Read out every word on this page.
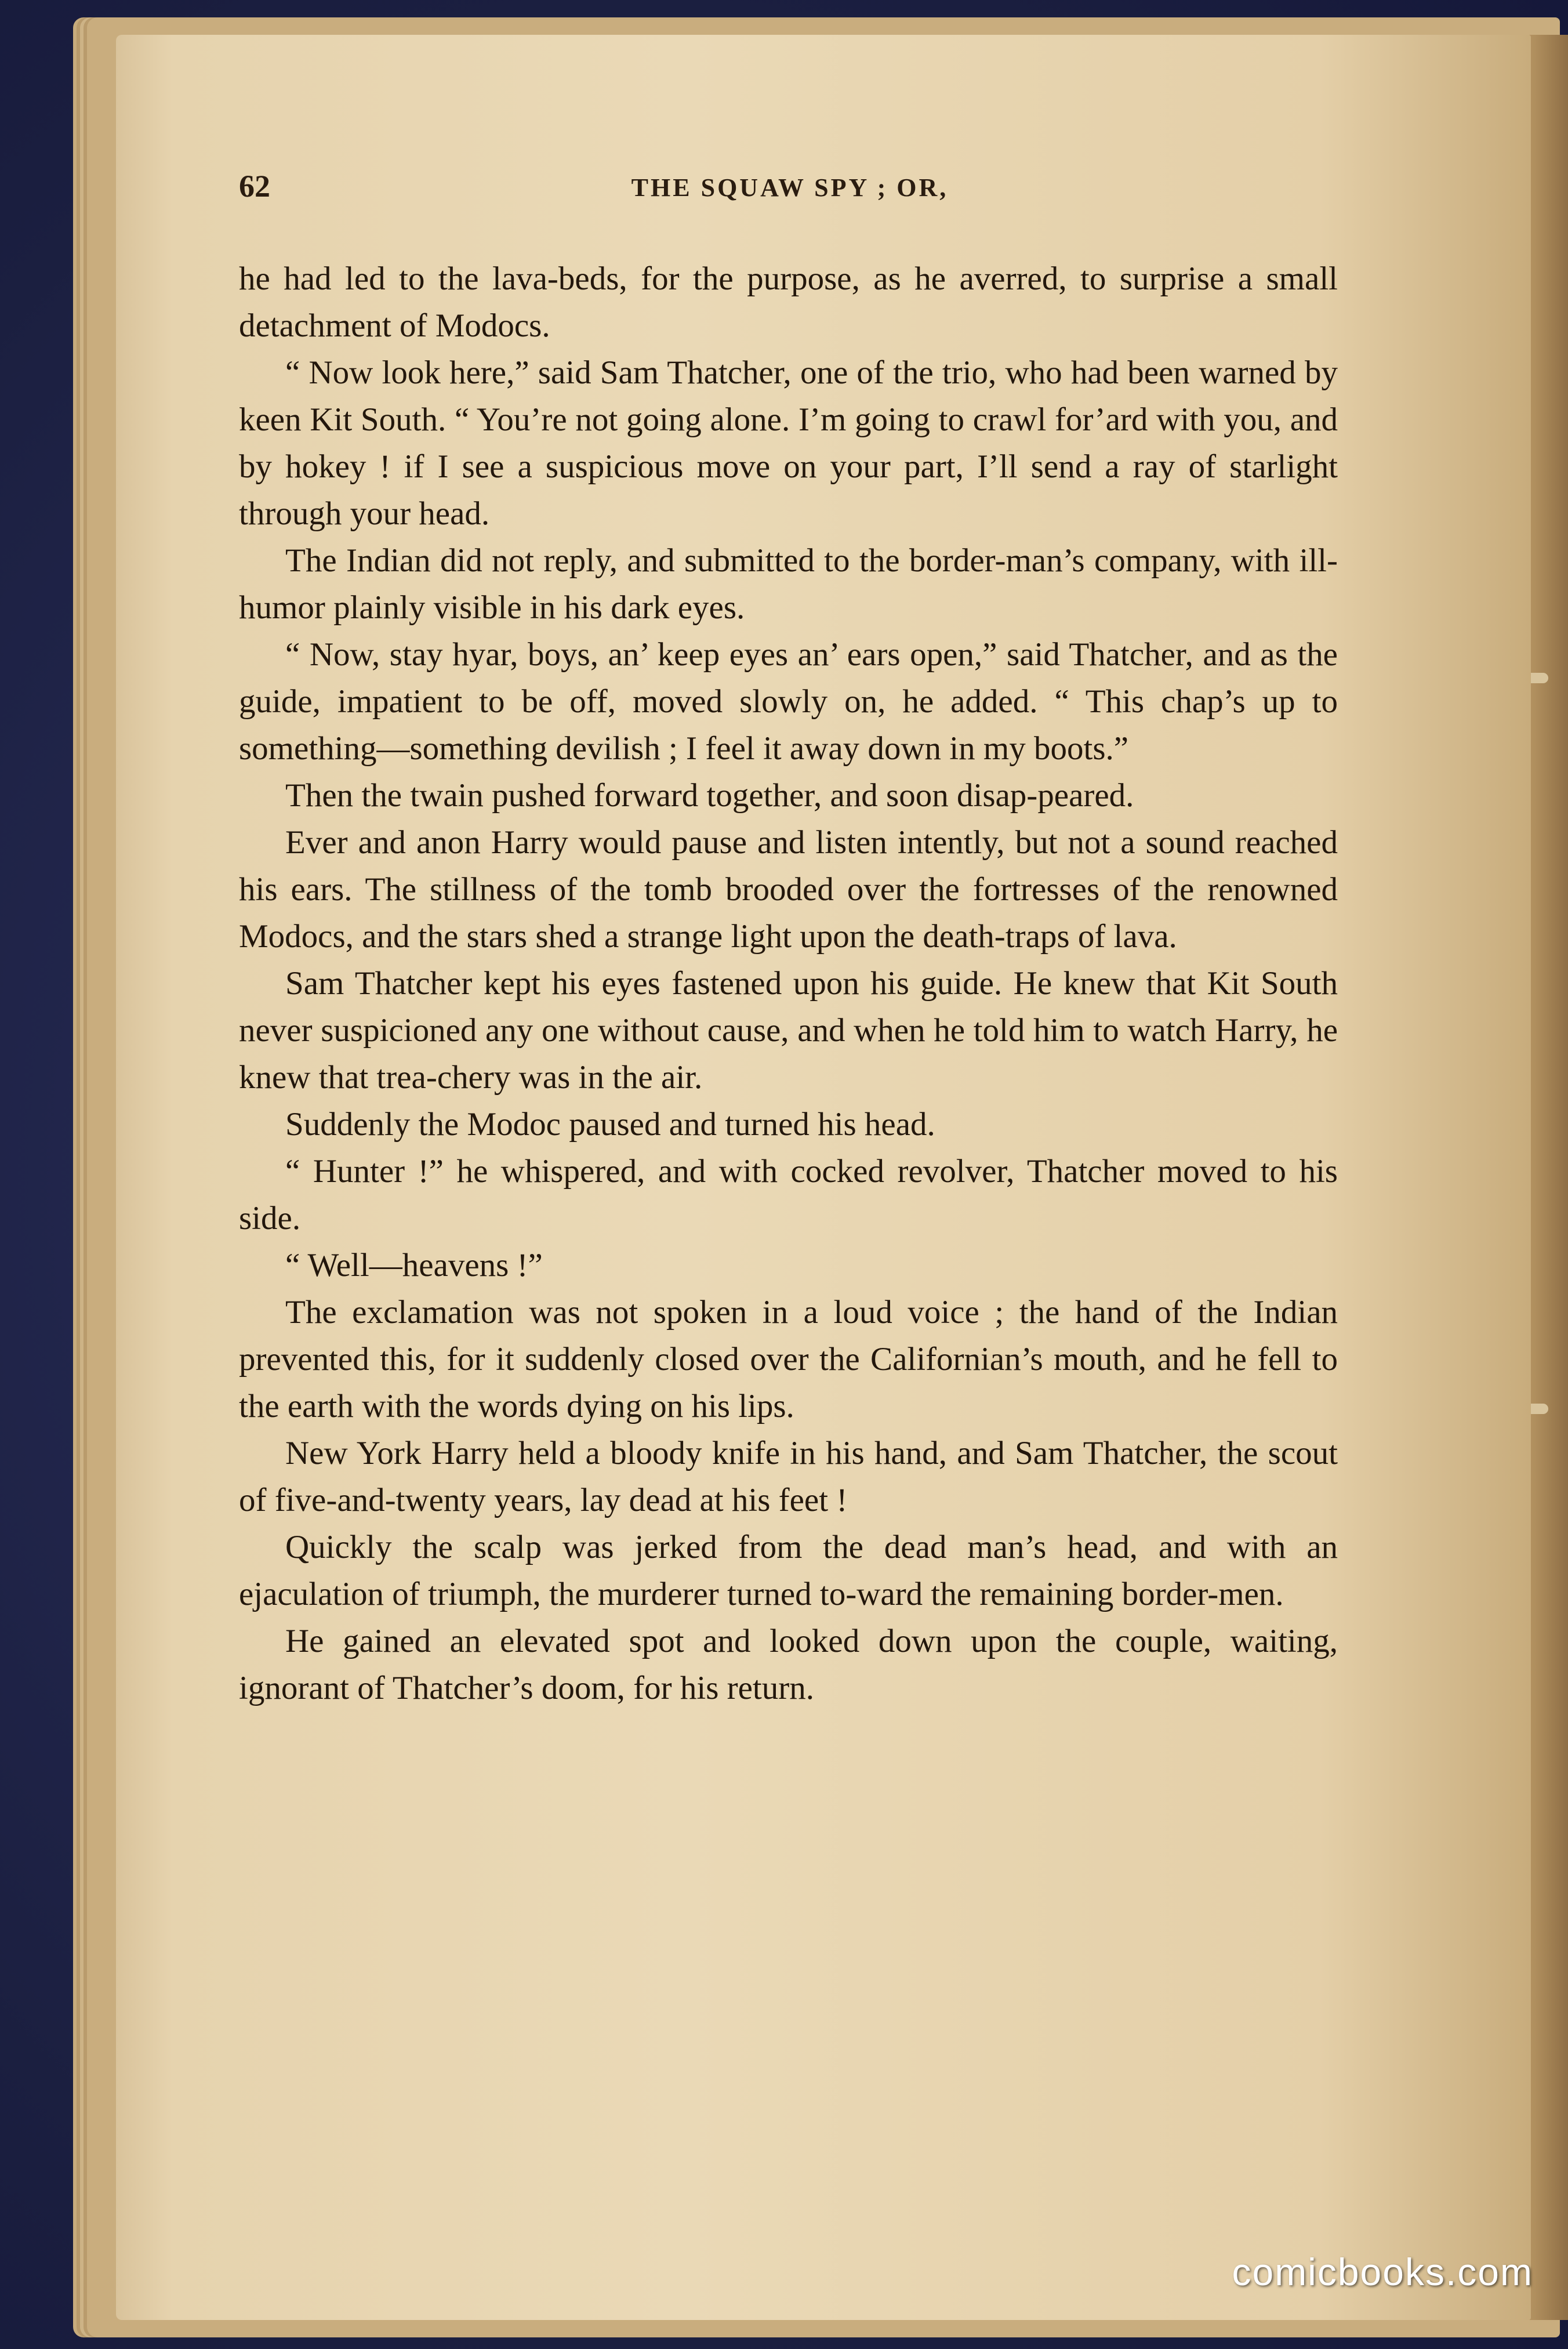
62	THE SQUAW SPY ; OR,

he had led to the lava-beds, for the purpose, as he averred, to surprise a small detachment of Modocs.

“ Now look here,” said Sam Thatcher, one of the trio, who had been warned by keen Kit South. “ You’re not going alone. I’m going to crawl for’ard with you, and by hokey ! if I see a suspicious move on your part, I’ll send a ray of starlight through your head.

The Indian did not reply, and submitted to the border-man’s company, with ill-humor plainly visible in his dark eyes.

“ Now, stay hyar, boys, an’ keep eyes an’ ears open,” said Thatcher, and as the guide, impatient to be off, moved slowly on, he added. “ This chap’s up to something—something devilish ; I feel it away down in my boots.”

Then the twain pushed forward together, and soon disap-peared.

Ever and anon Harry would pause and listen intently, but not a sound reached his ears. The stillness of the tomb brooded over the fortresses of the renowned Modocs, and the stars shed a strange light upon the death-traps of lava.

Sam Thatcher kept his eyes fastened upon his guide. He knew that Kit South never suspicioned any one without cause, and when he told him to watch Harry, he knew that trea-chery was in the air.

Suddenly the Modoc paused and turned his head.

“ Hunter !” he whispered, and with cocked revolver, Thatcher moved to his side.

“ Well—heavens !”

The exclamation was not spoken in a loud voice ; the hand of the Indian prevented this, for it suddenly closed over the Californian’s mouth, and he fell to the earth with the words dying on his lips.

New York Harry held a bloody knife in his hand, and Sam Thatcher, the scout of five-and-twenty years, lay dead at his feet !

Quickly the scalp was jerked from the dead man’s head, and with an ejaculation of triumph, the murderer turned to-ward the remaining border-men.

He gained an elevated spot and looked down upon the couple, waiting, ignorant of Thatcher’s doom, for his return.

comicbooks.com
